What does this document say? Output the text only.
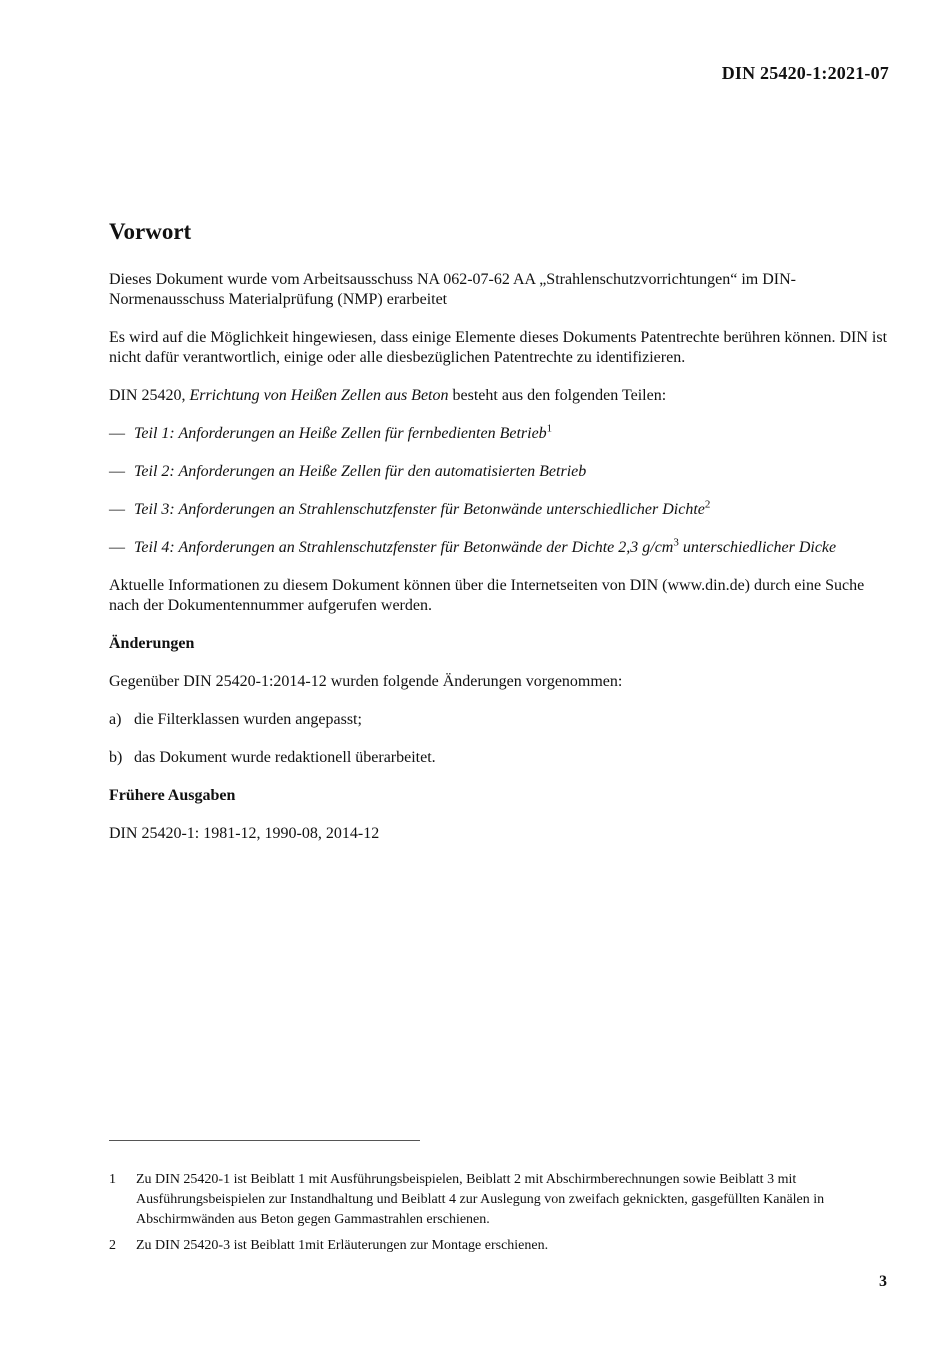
DIN 25420-1:2021-07
Vorwort

Dieses Dokument wurde vom Arbeitsausschuss NA 062-07-62 AA „Strahlenschutzvorrichtungen“ im DIN-Normenausschuss Materialprüfung (NMP) erarbeitet

Es wird auf die Möglichkeit hingewiesen, dass einige Elemente dieses Dokuments Patentrechte berühren können. DIN ist nicht dafür verantwortlich, einige oder alle diesbezüglichen Patentrechte zu identifizieren.

DIN 25420, Errichtung von Heißen Zellen aus Beton besteht aus den folgenden Teilen:

— Teil 1: Anforderungen an Heiße Zellen für fernbedienten Betrieb$^1$
— Teil 2: Anforderungen an Heiße Zellen für den automatisierten Betrieb
— Teil 3: Anforderungen an Strahlenschutzfenster für Betonwände unterschiedlicher Dichte$^2$
— Teil 4: Anforderungen an Strahlenschutzfenster für Betonwände der Dichte 2,3 $g/cm^3$ unterschiedlicher Dicke

Aktuelle Informationen zu diesem Dokument können über die Internetseiten von DIN (www.din.de) durch eine Suche nach der Dokumentennummer aufgerufen werden.

Änderungen

Gegenüber DIN 25420-1:2014-12 wurden folgende Änderungen vorgenommen:

a) die Filterklassen wurden angepasst;
b) das Dokument wurde redaktionell überarbeitet.
Frühere Ausgaben

DIN 25420-1: 1981-12, 1990-08, 2014-12

1	Zu DIN 25420-1 ist Beiblatt 1 mit Ausführungsbeispielen, Beiblatt 2 mit Abschirmberechnungen sowie Beiblatt 3 mit Ausführungsbeispielen zur Instandhaltung und Beiblatt 4 zur Auslegung von zweifach geknickten, gasgefüllten Kanälen in Abschirmwänden aus Beton gegen Gammastrahlen erschienen.
2	Zu DIN 25420-3 ist Beiblatt 1mit Erläuterungen zur Montage erschienen.
3
